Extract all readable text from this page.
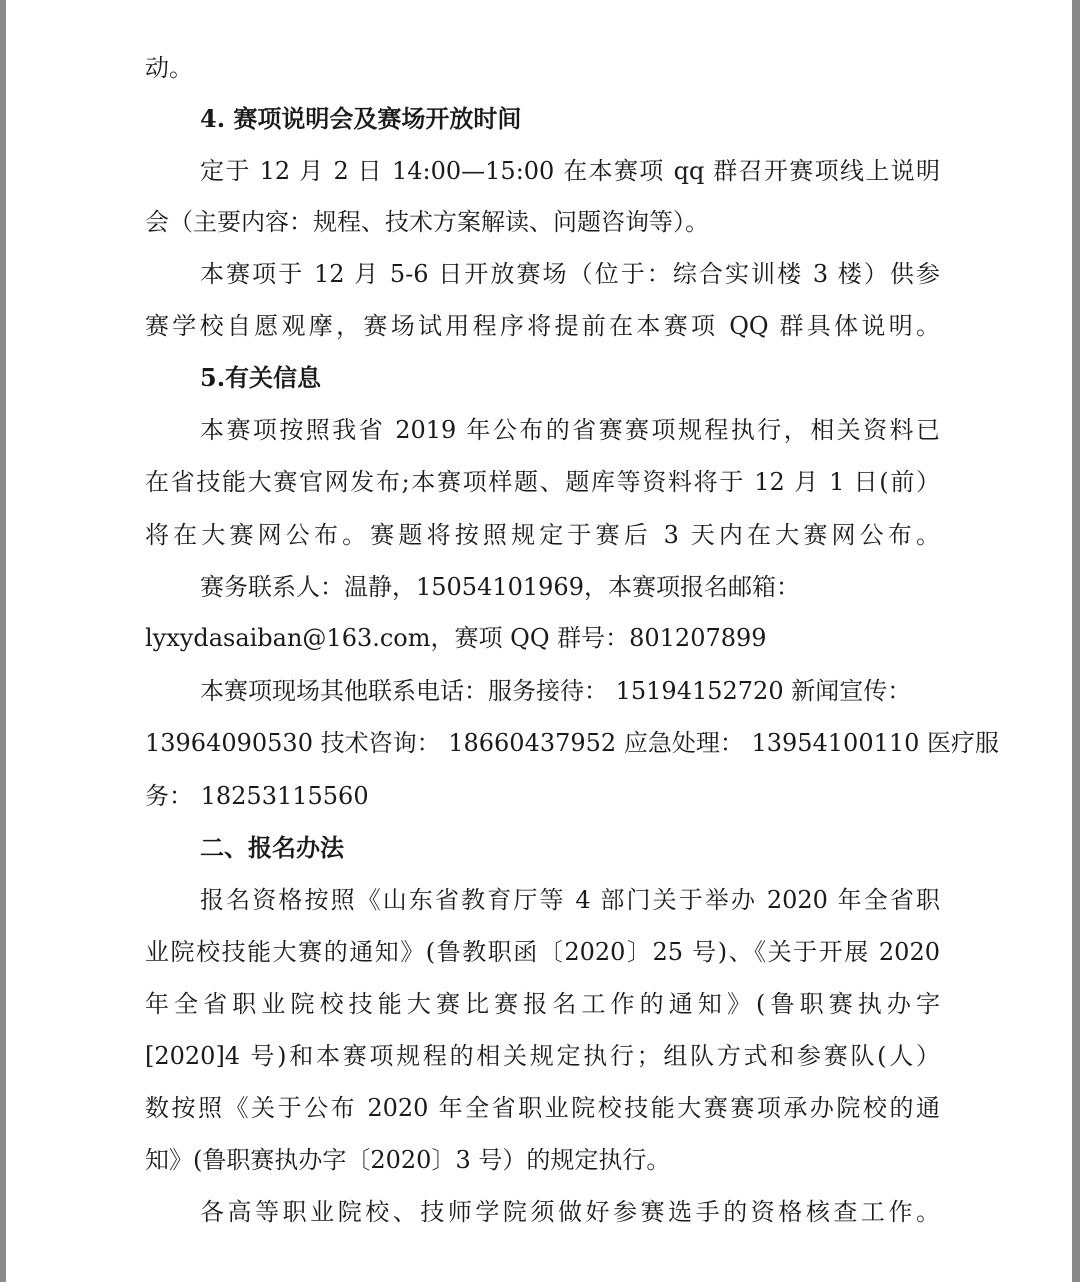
动。
4. 赛项说明会及赛场开放时间
定于 12 月 2 日 14:00—15:00 在本赛项 qq 群召开赛项线上说明
会（主要内容：规程、技术方案解读、问题咨询等）。
本赛项于 12 月 5-6 日开放赛场（位于：综合实训楼 3 楼）供参
赛学校自愿观摩，赛场试用程序将提前在本赛项 QQ 群具体说明。
5.有关信息
本赛项按照我省 2019 年公布的省赛赛项规程执行，相关资料已
在省技能大赛官网发布;本赛项样题、题库等资料将于 12 月 1 日(前）
将在大赛网公布。赛题将按照规定于赛后 3 天内在大赛网公布。
赛务联系人：温静，15054101969，本赛项报名邮箱：
lyxydasaiban@163.com，赛项 QQ 群号：801207899
本赛项现场其他联系电话：服务接待： 15194152720 新闻宣传：
13964090530 技术咨询： 18660437952 应急处理： 13954100110 医疗服
务： 18253115560
二、报名办法
报名资格按照《山东省教育厅等 4 部门关于举办 2020 年全省职
业院校技能大赛的通知》(鲁教职函〔2020〕25 号)、《关于开展 2020
年全省职业院校技能大赛比赛报名工作的通知》(鲁职赛执办字
[2020]4 号)和本赛项规程的相关规定执行；组队方式和参赛队(人）
数按照《关于公布 2020 年全省职业院校技能大赛赛项承办院校的通
知》(鲁职赛执办字〔2020〕3 号）的规定执行。
各高等职业院校、技师学院须做好参赛选手的资格核查工作。
